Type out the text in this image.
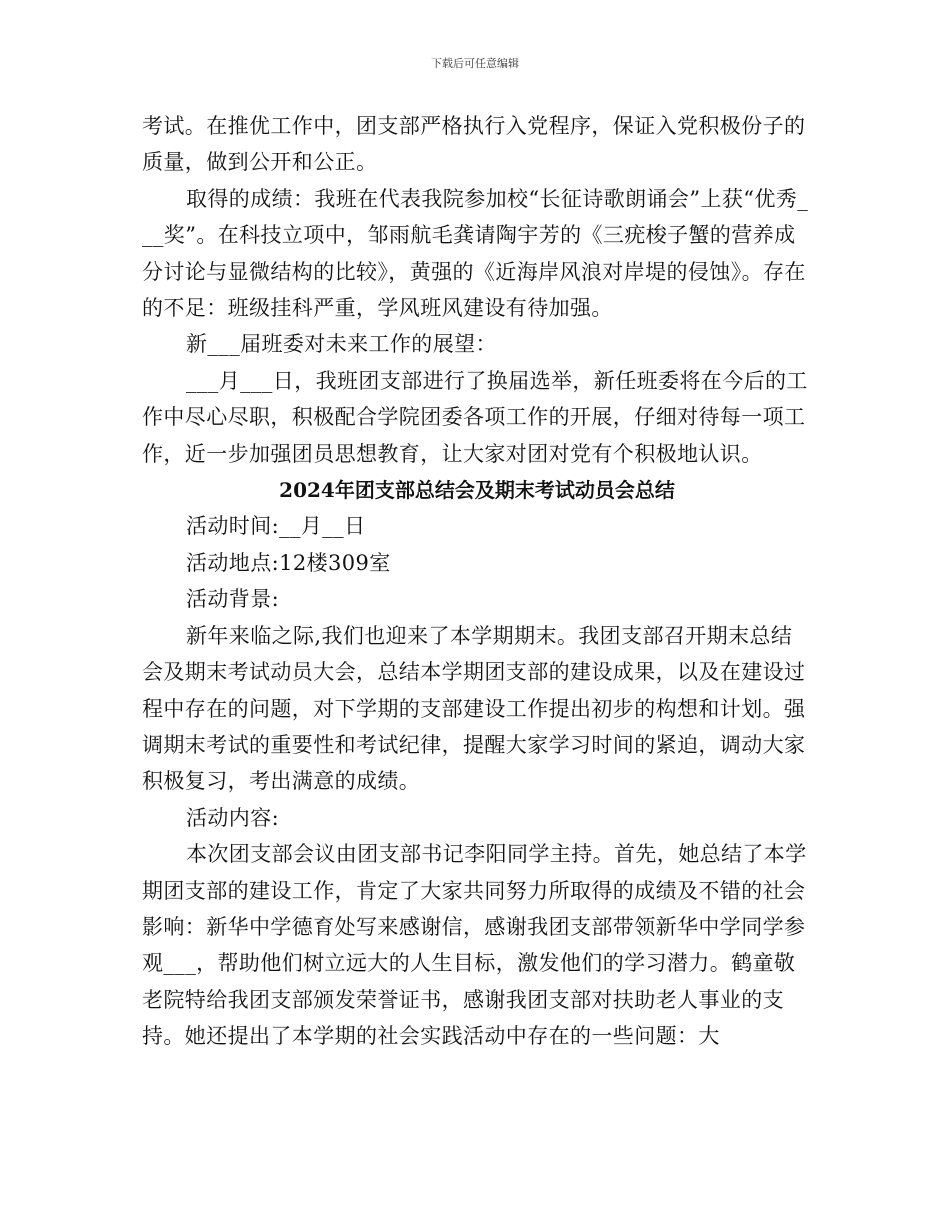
下载后可任意编辑

考试。在推优工作中，团支部严格执行入党程序，保证入党积极份子的质量，做到公开和公正。

取得的成绩：我班在代表我院参加校“长征诗歌朗诵会”上获“优秀___奖”。在科技立项中，邹雨航毛龚请陶宇芳的《三疣梭子蟹的营养成分讨论与显微结构的比较》，黄强的《近海岸风浪对岸堤的侵蚀》。存在的不足：班级挂科严重，学风班风建设有待加强。

新___届班委对未来工作的展望：

___月___日，我班团支部进行了换届选举，新任班委将在今后的工作中尽心尽职，积极配合学院团委各项工作的开展，仔细对待每一项工作，近一步加强团员思想教育，让大家对团对党有个积极地认识。

2024年团支部总结会及期末考试动员会总结

活动时间:__月__日

活动地点:12楼309室

活动背景:

新年来临之际,我们也迎来了本学期期末。我团支部召开期末总结会及期末考试动员大会，总结本学期团支部的建设成果，以及在建设过程中存在的问题，对下学期的支部建设工作提出初步的构想和计划。强调期末考试的重要性和考试纪律，提醒大家学习时间的紧迫，调动大家积极复习，考出满意的成绩。

活动内容:

本次团支部会议由团支部书记李阳同学主持。首先，她总结了本学期团支部的建设工作，肯定了大家共同努力所取得的成绩及不错的社会影响：新华中学德育处写来感谢信，感谢我团支部带领新华中学同学参观___，帮助他们树立远大的人生目标，激发他们的学习潜力。鹤童敬老院特给我团支部颁发荣誉证书，感谢我团支部对扶助老人事业的支持。她还提出了本学期的社会实践活动中存在的一些问题：大
